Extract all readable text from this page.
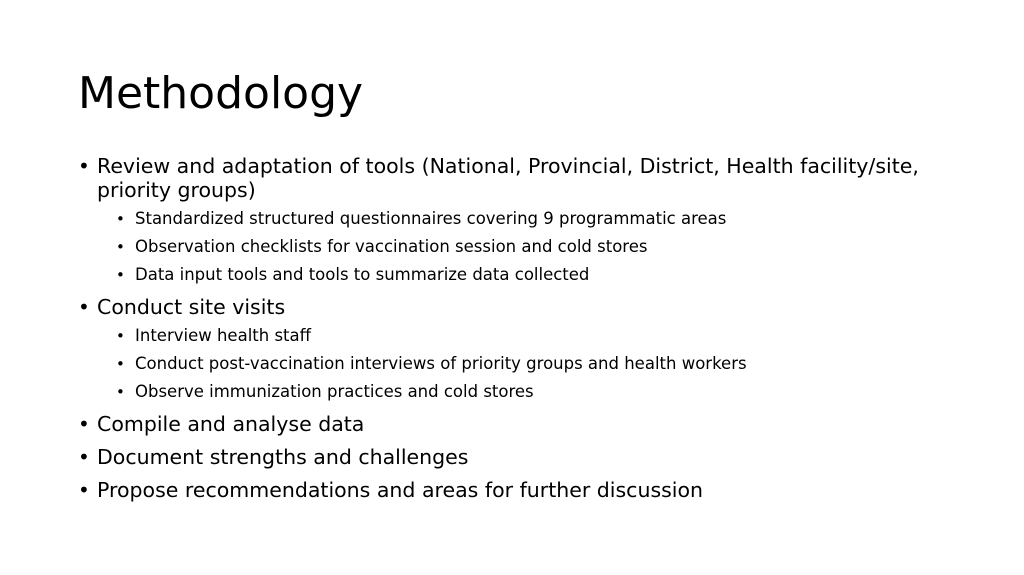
Methodology
• Review and adaptation of tools (National, Provincial, District, Health facility/site, priority groups)
• Standardized structured questionnaires covering 9 programmatic areas
• Observation checklists for vaccination session and cold stores
• Data input tools and tools to summarize data collected
• Conduct site visits
• Interview health staff
• Conduct post-vaccination interviews of priority groups and health workers
• Observe immunization practices and cold stores
• Compile and analyse data
• Document strengths and challenges
• Propose recommendations and areas for further discussion
